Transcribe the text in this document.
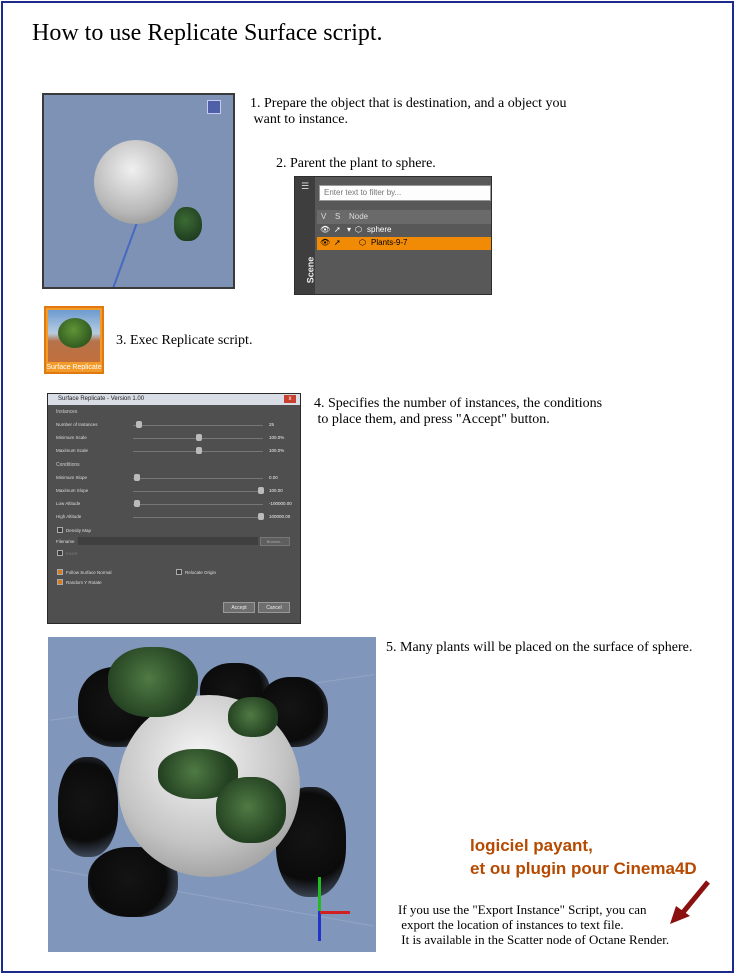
How to use Replicate Surface script.
1. Prepare the object that is destination, and a object you
want to instance.
2. Parent the plant to sphere.
☰
Scene
Enter text to filter by...
V S Node
👁 ➚ ▾ ⬡ sphere
👁 ➚ ⬡ Plants-9-7
Surface Replicate
3. Exec Replicate script.
Surface Replicate - Version 1.00	x
Instances
Number of Instances	25
Minimum Scale	100.0%
Maximum Scale	100.0%
Conditions
Minimum Slope	0.00
Maximum Slope	100.00
Low Altitude	-100000.00
High Altitude	100000.00
Density Map
Filename	Browse...
Invert
Follow Surface Normal	Relocate Origin
Random Y Rotate
Accept	Cancel
4. Specifies the number of instances, the conditions
to place them, and press "Accept" button.
5. Many plants will be placed on the surface of sphere.
logiciel payant,
et ou plugin pour Cinema4D
If you use the "Export Instance" Script, you can
export the location of instances to text file.
It is available in the Scatter node of Octane Render.
